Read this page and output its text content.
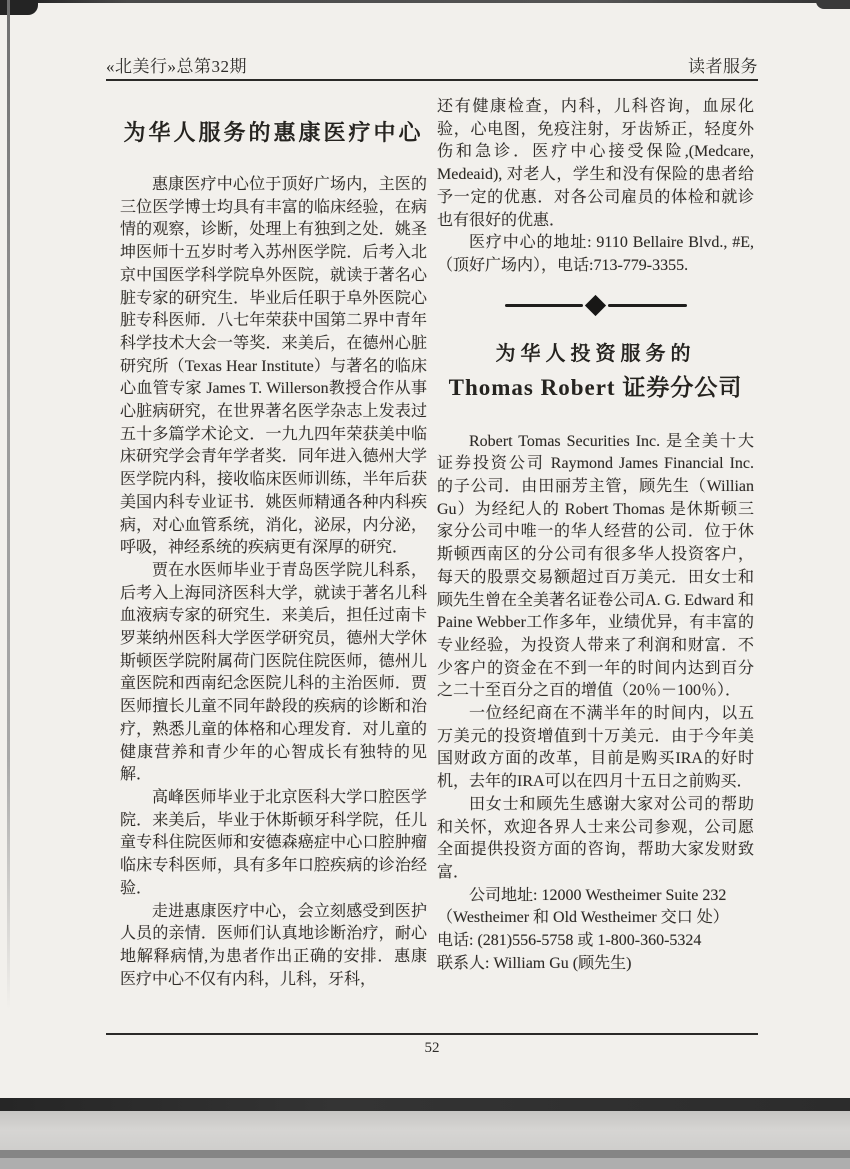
«北美行»总第32期	读者服务
为华人服务的惠康医疗中心

惠康医疗中心位于顶好广场内，主医的三位医学博士均具有丰富的临床经验，在病情的观察，诊断，处理上有独到之处．姚圣坤医师十五岁时考入苏州医学院．后考入北京中国医学科学院阜外医院，就读于著名心脏专家的研究生．毕业后任职于阜外医院心脏专科医师．八七年荣获中国第二界中青年科学技术大会一等奖．来美后，在德州心脏研究所（Texas Hear Institute）与著名的临床心血管专家 James T. Willerson教授合作从事心脏病研究，在世界著名医学杂志上发表过五十多篇学术论文．一九九四年荣获美中临床研究学会青年学者奖．同年进入德州大学医学院内科，接收临床医师训练，半年后获美国内科专业证书．姚医师精通各种内科疾病，对心血管系统，消化，泌尿，内分泌，呼吸，神经系统的疾病更有深厚的研究．

贾在水医师毕业于青岛医学院儿科系，后考入上海同济医科大学，就读于著名儿科血液病专家的研究生．来美后，担任过南卡罗莱纳州医科大学医学研究员，德州大学休斯顿医学院附属荷门医院住院医师，德州儿童医院和西南纪念医院儿科的主治医师．贾医师擅长儿童不同年龄段的疾病的诊断和治疗，熟悉儿童的体格和心理发育．对儿童的健康营养和青少年的心智成长有独特的见解．

高峰医师毕业于北京医科大学口腔医学院．来美后，毕业于休斯顿牙科学院，任儿童专科住院医师和安德森癌症中心口腔肿瘤临床专科医师，具有多年口腔疾病的诊治经验．

走进惠康医疗中心，会立刻感受到医护人员的亲情．医师们认真地诊断治疗，耐心地解释病情,为患者作出正确的安排．惠康医疗中心不仅有内科，儿科，牙科，

还有健康检查，内科，儿科咨询，血尿化验，心电图，免疫注射，牙齿矫正，轻度外伤和急诊．医疗中心接受保险,(Medcare, Medeaid), 对老人，学生和没有保险的患者给予一定的优惠．对各公司雇员的体检和就诊也有很好的优惠．

医疗中心的地址: 9110 Bellaire Blvd., #E,（顶好广场内），电话:713-779-3355.

为华人投资服务的
Thomas Robert 证券分公司

Robert Tomas Securities Inc. 是全美十大证券投资公司 Raymond James Financial Inc. 的子公司．由田丽芳主管，顾先生（Willian Gu）为经纪人的 Robert Thomas 是休斯顿三家分公司中唯一的华人经营的公司．位于休斯顿西南区的分公司有很多华人投资客户，每天的股票交易额超过百万美元．田女士和顾先生曾在全美著名证卷公司A. G. Edward 和 Paine Webber工作多年，业绩优异，有丰富的专业经验，为投资人带来了利润和财富．不少客户的资金在不到一年的时间内达到百分之二十至百分之百的增值（20％－100％）．

一位经纪商在不满半年的时间内，以五万美元的投资增值到十万美元．由于今年美国财政方面的改革，目前是购买IRA的好时机，去年的IRA可以在四月十五日之前购买．

田女士和顾先生感谢大家对公司的帮助和关怀，欢迎各界人士来公司参观，公司愿全面提供投资方面的咨询，帮助大家发财致富．

公司地址: 12000 Westheimer Suite 232

（Westheimer 和 Old Westheimer 交口 处）

电话: (281)556-5758 或 1-800-360-5324

联系人: William Gu (顾先生)

52
